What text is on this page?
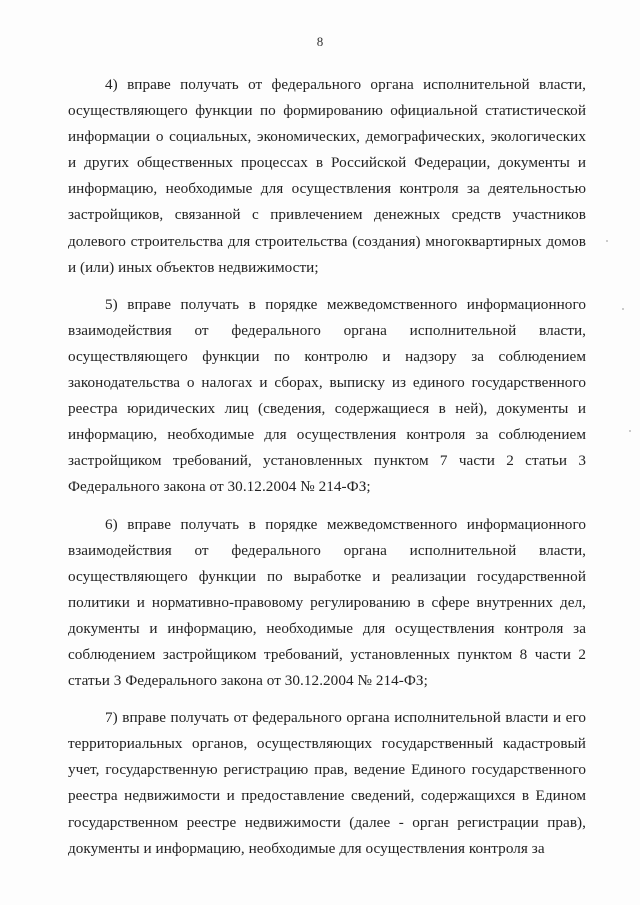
8

4) вправе получать от федерального органа исполнительной власти, осуществляющего функции по формированию официальной статистической информации о социальных, экономических, демографических, экологических и других общественных процессах в Российской Федерации, документы и информацию, необходимые для осуществления контроля за деятельностью застройщиков, связанной с привлечением денежных средств участников долевого строительства для строительства (создания) многоквартирных домов и (или) иных объектов недвижимости;

5) вправе получать в порядке межведомственного информационного взаимодействия от федерального органа исполнительной власти, осуществляющего функции по контролю и надзору за соблюдением законодательства о налогах и сборах, выписку из единого государственного реестра юридических лиц (сведения, содержащиеся в ней), документы и информацию, необходимые для осуществления контроля за соблюдением застройщиком требований, установленных пунктом 7 части 2 статьи 3 Федерального закона от 30.12.2004 № 214-ФЗ;

6) вправе получать в порядке межведомственного информационного взаимодействия от федерального органа исполнительной власти, осуществляющего функции по выработке и реализации государственной политики и нормативно-правовому регулированию в сфере внутренних дел, документы и информацию, необходимые для осуществления контроля за соблюдением застройщиком требований, установленных пунктом 8 части 2 статьи 3 Федерального закона от 30.12.2004 № 214-ФЗ;

7) вправе получать от федерального органа исполнительной власти и его территориальных органов, осуществляющих государственный кадастровый учет, государственную регистрацию прав, ведение Единого государственного реестра недвижимости и предоставление сведений, содержащихся в Едином государственном реестре недвижимости (далее - орган регистрации прав), документы и информацию, необходимые для осуществления контроля за
